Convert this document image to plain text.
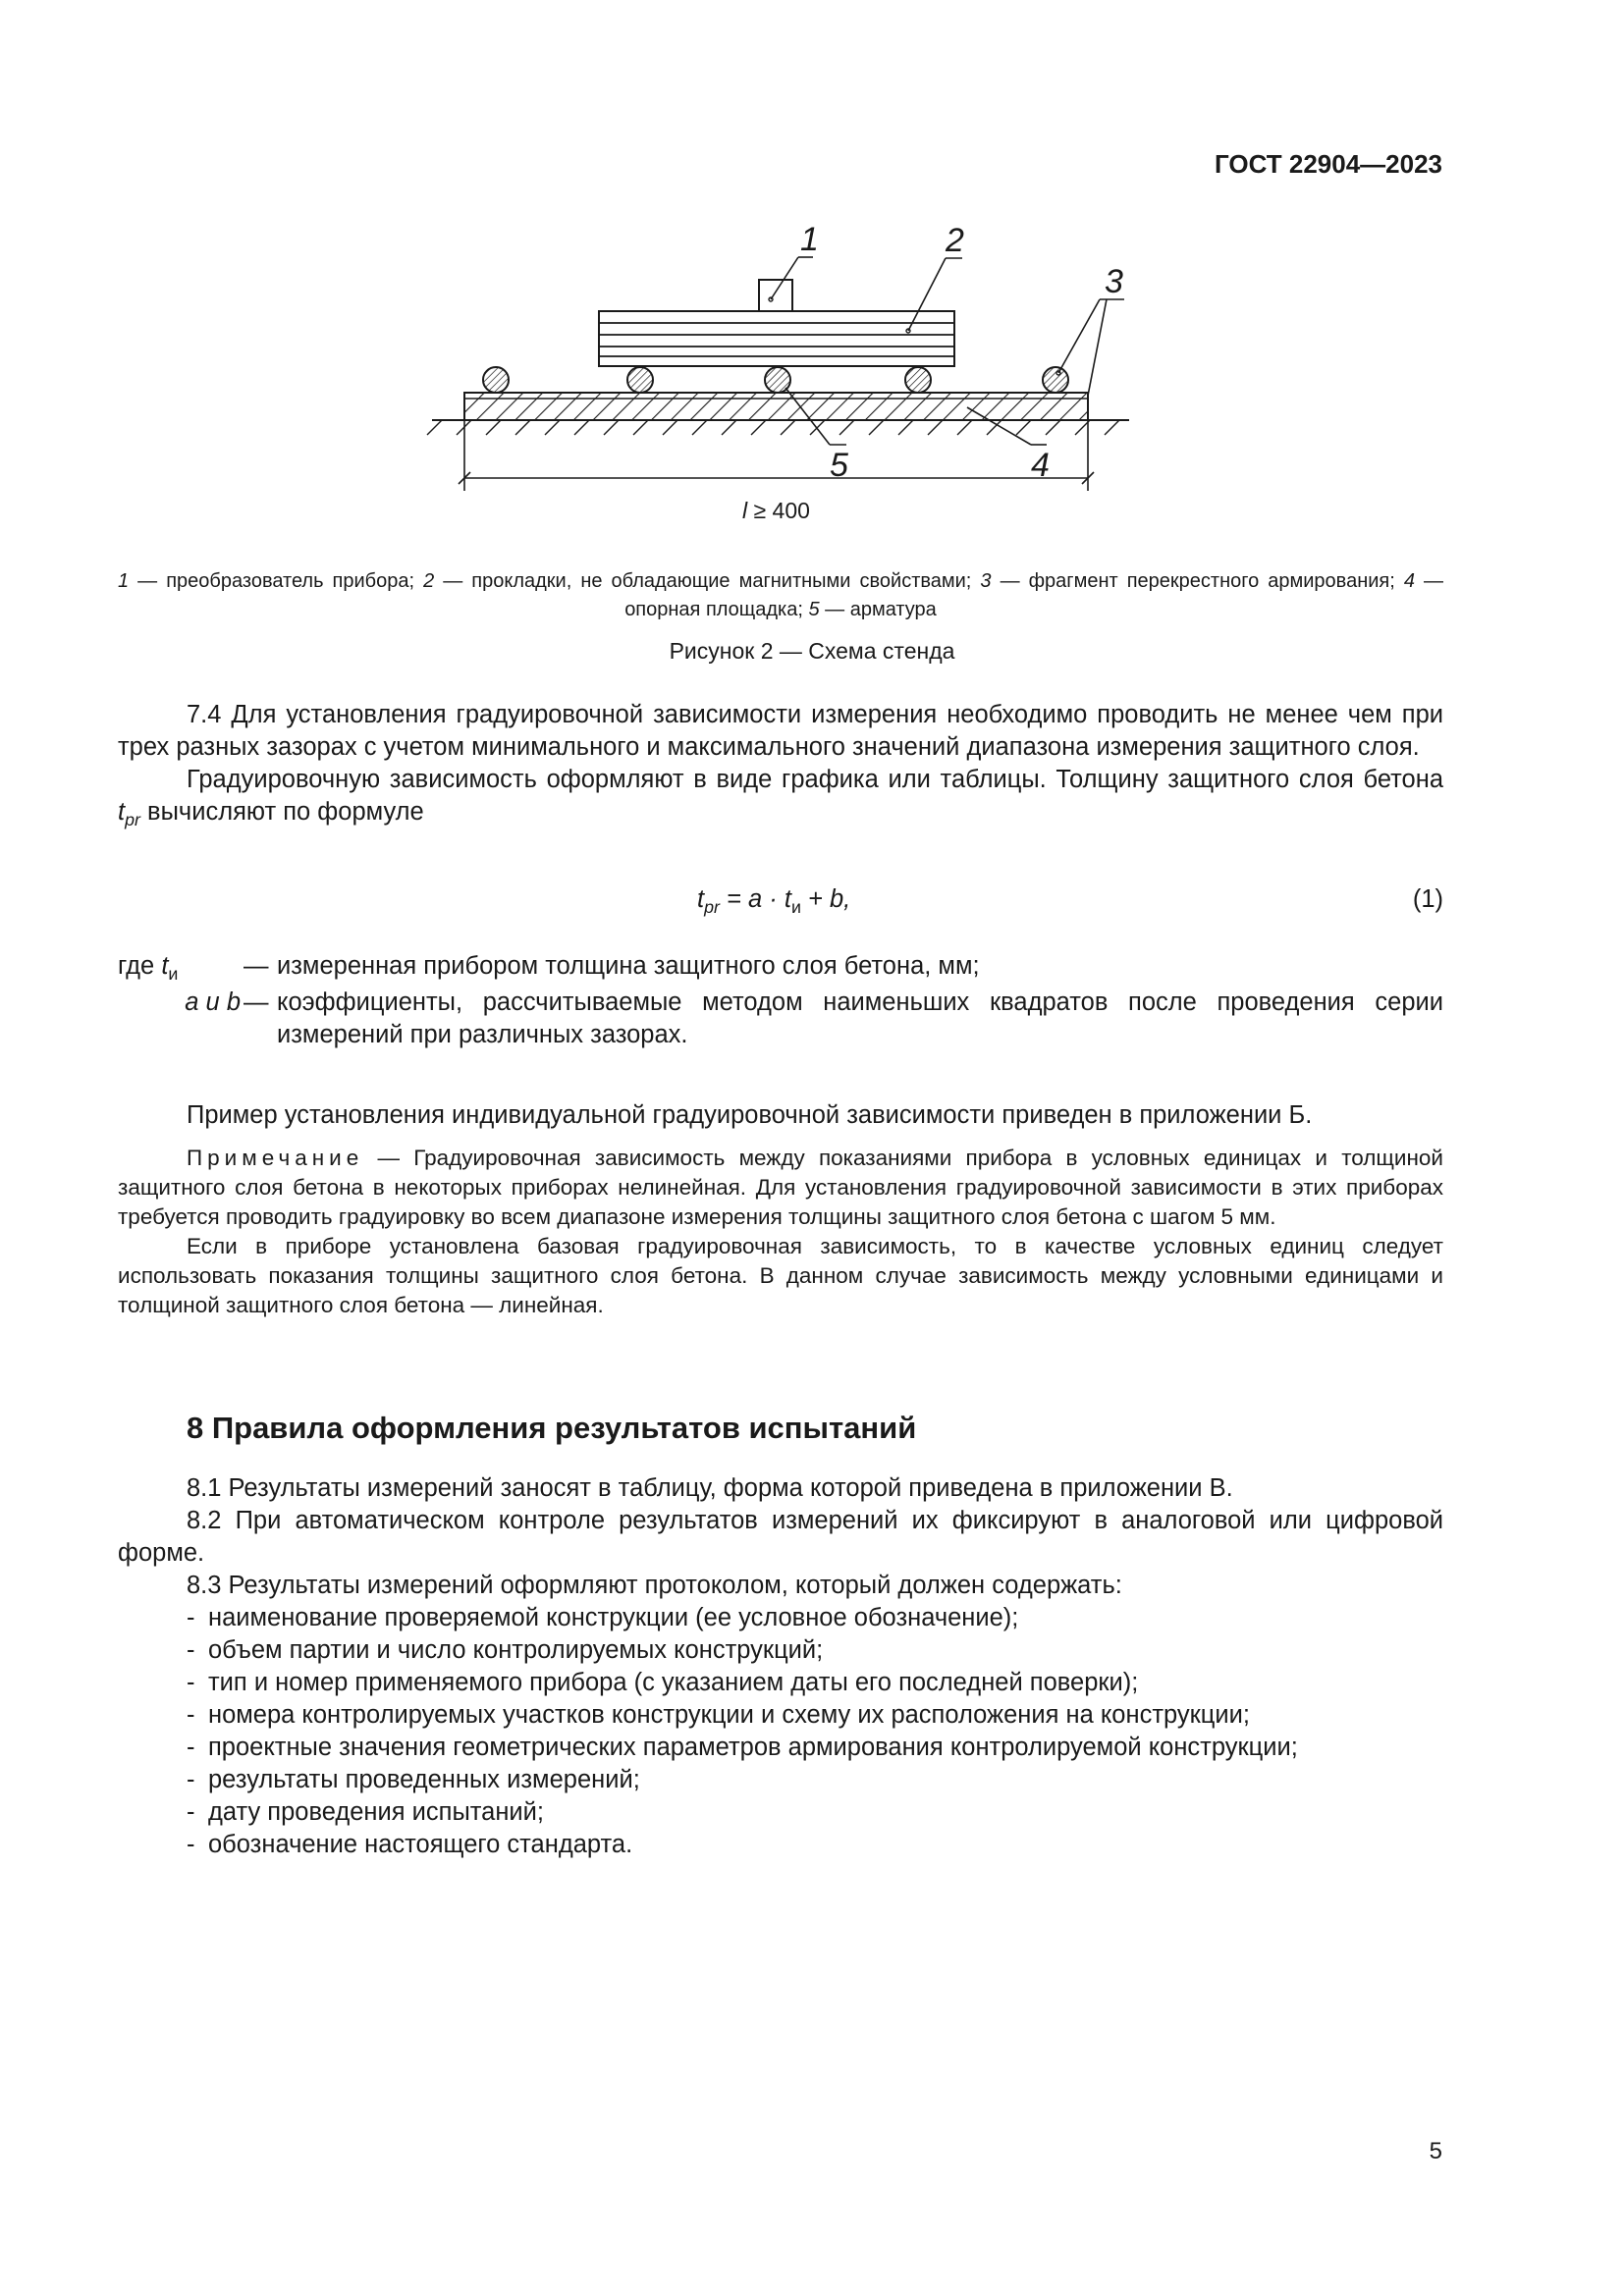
ГОСТ 22904—2023
1	2
3
4
5
l ≥ 400
1 — преобразователь прибора; 2 — прокладки, не обладающие магнитными свойствами; 3 — фрагмент перекрестного армирования; 4 — опорная площадка; 5 — арматура
Рисунок 2 — Схема стенда

7.4 Для установления градуировочной зависимости измерения необходимо проводить не менее чем при трех разных зазорах с учетом минимального и максимального значений диапазона измерения защитного слоя.

Градуировочную зависимость оформляют в виде графика или таблицы. Толщину защитного слоя бетона $t_{pr}$ вычисляют по формуле

$t_{pr} = a \cdot t_и + b$,	(1)
где $t_и$	— измеренная прибором толщина защитного слоя бетона, мм;
a и b — коэффициенты, рассчитываемые методом наименьших квадратов после проведения серии измерений при различных зазорах.

Пример установления индивидуальной градуировочной зависимости приведен в приложении Б.

Примечание — Градуировочная зависимость между показаниями прибора в условных единицах и толщиной защитного слоя бетона в некоторых приборах нелинейная. Для установления градуировочной зависимости в этих приборах требуется проводить градуировку во всем диапазоне измерения толщины защитного слоя бетона с шагом 5 мм.

Если в приборе установлена базовая градуировочная зависимость, то в качестве условных единиц следует использовать показания толщины защитного слоя бетона. В данном случае зависимость между условными единицами и толщиной защитного слоя бетона — линейная.

8 Правила оформления результатов испытаний

8.1 Результаты измерений заносят в таблицу, форма которой приведена в приложении В.

8.2 При автоматическом контроле результатов измерений их фиксируют в аналоговой или цифровой форме.

8.3 Результаты измерений оформляют протоколом, который должен содержать:

- наименование проверяемой конструкции (ее условное обозначение);
- объем партии и число контролируемых конструкций;
- тип и номер применяемого прибора (с указанием даты его последней поверки);
- номера контролируемых участков конструкции и схему их расположения на конструкции;
- проектные значения геометрических параметров армирования контролируемой конструкции;
- результаты проведенных измерений;
- дату проведения испытаний;
- обозначение настоящего стандарта.
5
